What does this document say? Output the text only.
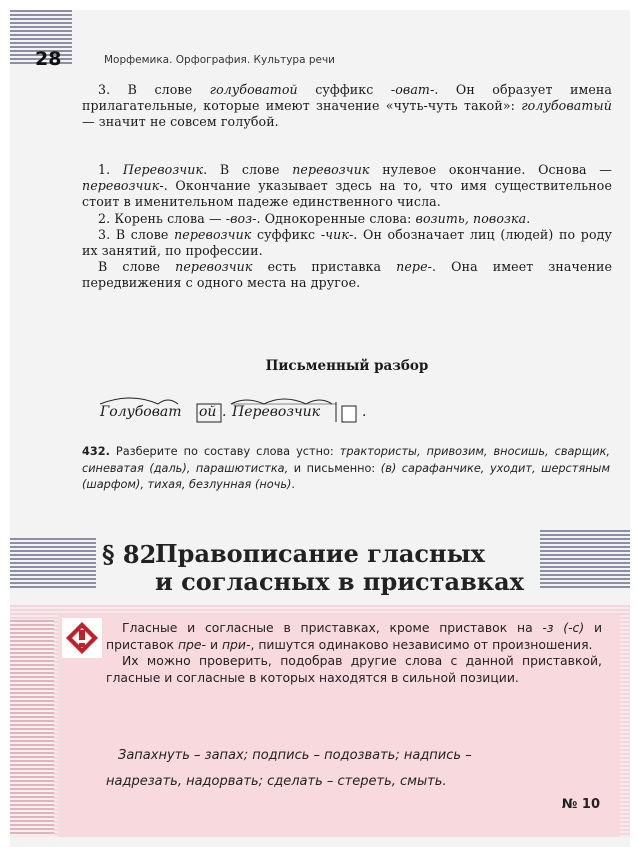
28	Морфемика. Орфография. Культура речи

3. В слове голубоватой суффикс -оват-. Он образует имена прилагательные, которые имеют значение «чуть-чуть такой»: голубоватый — значит не совсем голубой.

1. Перевозчик. В слове перевозчик нулевое окончание. Основа — перевозчик-. Окончание указывает здесь на то, что имя существительное стоит в именительном падеже единственного числа.

2. Корень слова — -воз-. Однокоренные слова: возить, повозка.

3. В слове перевозчик суффикс -чик-. Он обозначает лиц (людей) по роду их занятий, по профессии.

В слове перевозчик есть приставка пере-. Она имеет значение передвижения с одного места на другое.

Письменный разбор
Голубоват ой . Перевозчик	.
432. Разберите по составу слова устно: трактористы, привозим, вносишь, сварщик, синеватая (даль), парашютистка, и письменно: (в) сарафанчике, уходит, шерстяным (шарфом), тихая, безлунная (ночь).
§ 82
Правописание гласных
и согласных в приставках

Гласные и согласные в приставках, кроме приставок на -з (-с) и приставок пре- и при-, пишутся одинаково независимо от произношения.

Их можно проверить, подобрав другие слова с данной приставкой, гласные и согласные в которых находятся в сильной позиции.

Запахнуть – запах; подпись – подозвать; надпись –
надрезать, надорвать; сделать – стереть, смыть.
№ 10
